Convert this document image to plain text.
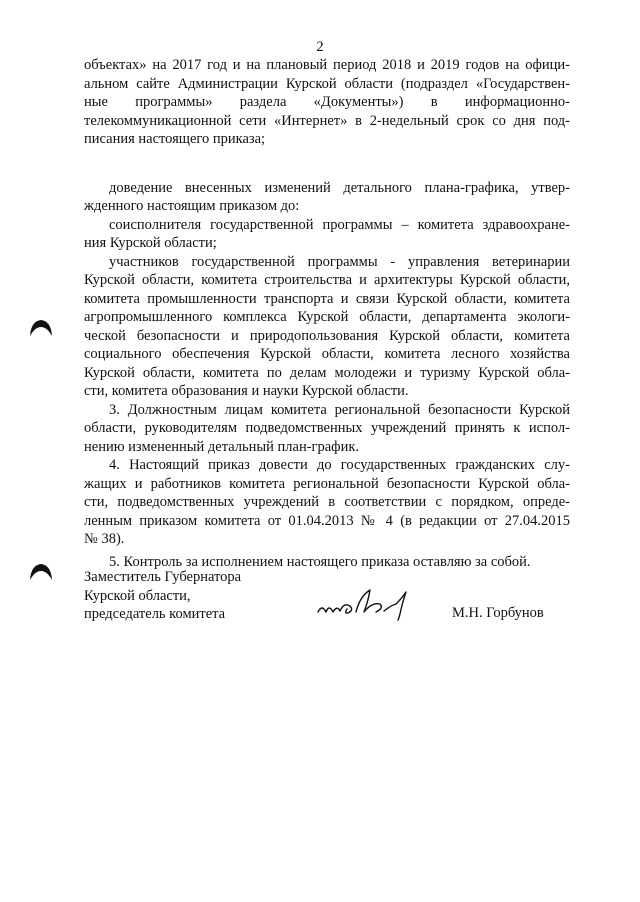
2

объектах» на 2017 год и на плановый период 2018 и 2019 годов на офици-

альном сайте Администрации Курской области (подраздел «Государствен-

ные программы» раздела «Документы») в информационно-

телекоммуникационной сети «Интернет» в 2-недельный срок со дня под-

писания настоящего приказа;

доведение внесенных изменений детального плана-графика, утвер-

жденного настоящим приказом до:

соисполнителя государственной программы – комитета здравоохране-

ния Курской области;

участников государственной программы - управления ветеринарии

Курской области, комитета строительства и архитектуры Курской области,

комитета промышленности транспорта и связи Курской области, комитета

агропромышленного комплекса Курской области, департамента экологи-

ческой безопасности и природопользования Курской области, комитета

социального обеспечения Курской области, комитета лесного хозяйства

Курской области, комитета по делам молодежи и туризму Курской обла-

сти, комитета образования и науки Курской области.

3. Должностным лицам комитета региональной безопасности Курской

области, руководителям подведомственных учреждений принять к испол-

нению измененный детальный план-график.

4. Настоящий приказ довести до государственных гражданских слу-

жащих и работников комитета региональной безопасности Курской обла-

сти, подведомственных учреждений в соответствии с порядком, опреде-

ленным приказом комитета от 01.04.2013 № 4 (в редакции от 27.04.2015

№ 38).

5. Контроль за исполнением настоящего приказа оставляю за собой.

Заместитель Губернатора
Курской области,
председатель комитета	М.Н. Горбунов
